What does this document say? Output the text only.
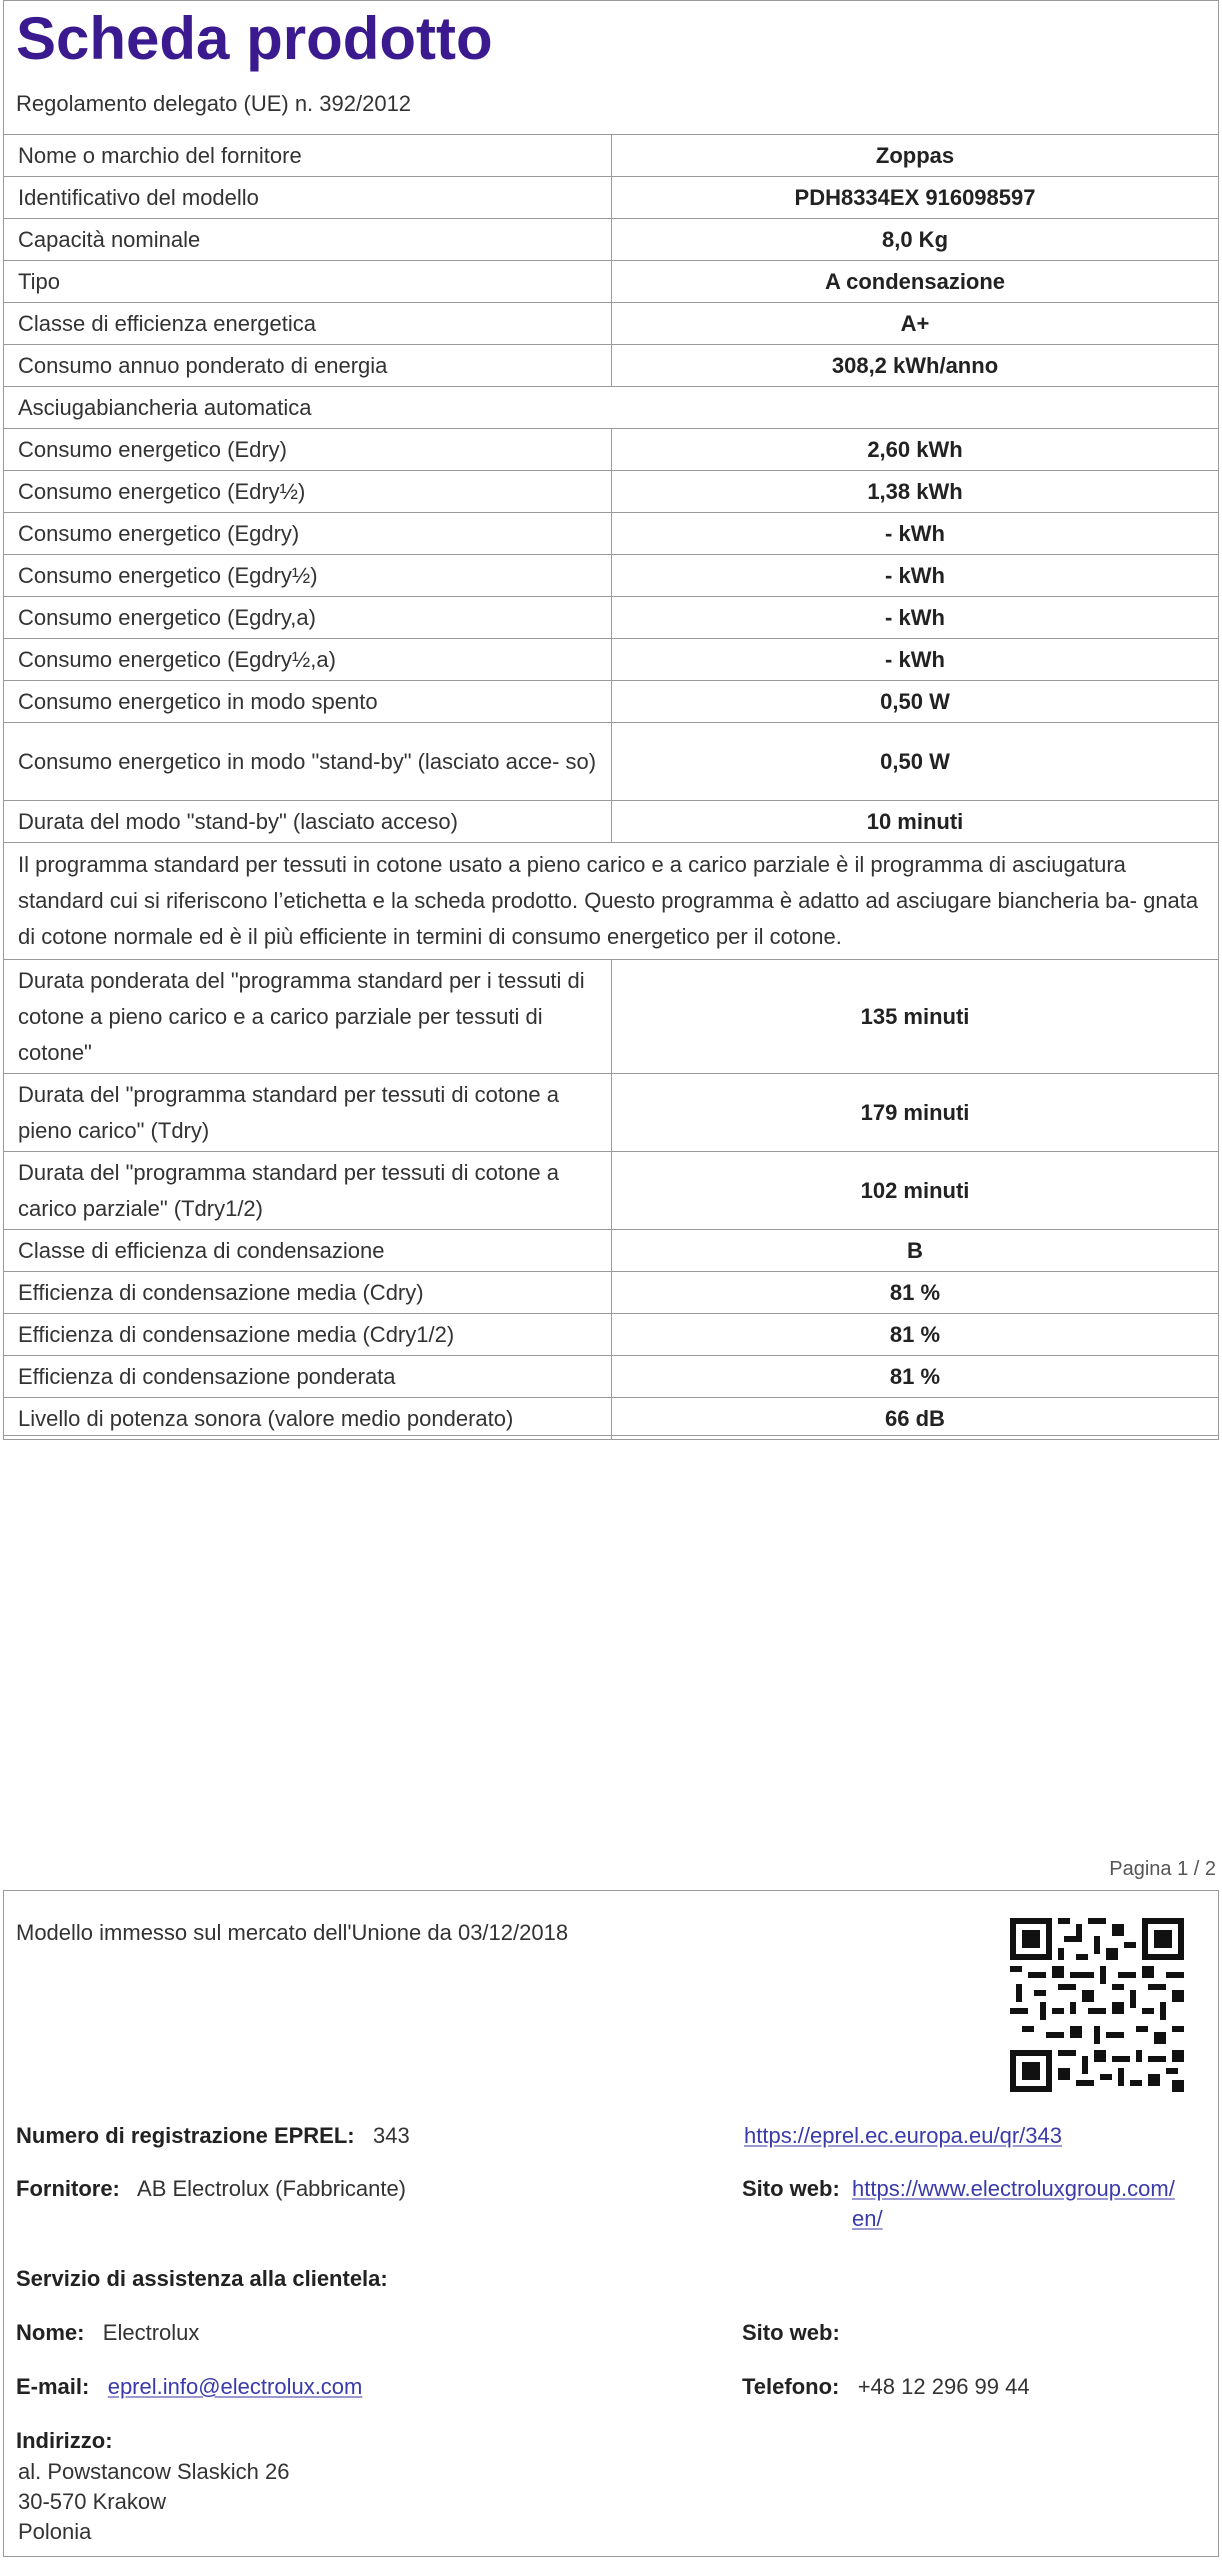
Scheda prodotto
Regolamento delegato (UE) n. 392/2012
Nome o marchio del fornitore	Zoppas
Identificativo del modello	PDH8334EX 916098597
Capacità nominale	8,0 Kg
Tipo	A condensazione
Classe di efficienza energetica	A+
Consumo annuo ponderato di energia	308,2 kWh/anno
Asciugabiancheria automatica	
Consumo energetico (Edry)	2,60 kWh
Consumo energetico (Edry½)	1,38 kWh
Consumo energetico (Egdry)	- kWh
Consumo energetico (Egdry½)	- kWh
Consumo energetico (Egdry,a)	- kWh
Consumo energetico (Egdry½,a)	- kWh
Consumo energetico in modo spento	0,50 W
Consumo energetico in modo "stand-by" (lasciato acce- so)	0,50 W
Durata del modo "stand-by" (lasciato acceso)	10 minuti
Il programma standard per tessuti in cotone usato a pieno carico e a carico parziale è il programma di asciugatura standard cui si riferiscono l’etichetta e la scheda prodotto. Questo programma è adatto ad asciugare biancheria ba- gnata di cotone normale ed è il più efficiente in termini di consumo energetico per il cotone.	
Durata ponderata del "programma standard per i tessuti di cotone a pieno carico e a carico parziale per tessuti di cotone"	135 minuti
Durata del "programma standard per tessuti di cotone a pieno carico" (Tdry)	179 minuti
Durata del "programma standard per tessuti di cotone a carico parziale" (Tdry1/2)	102 minuti
Classe di efficienza di condensazione	B
Efficienza di condensazione media (Cdry)	81 %
Efficienza di condensazione media (Cdry1/2)	81 %
Efficienza di condensazione ponderata	81 %
Livello di potenza sonora (valore medio ponderato)	66 dB
Pagina 1 / 2
Modello immesso sul mercato dell'Unione da 03/12/2018
Numero di registrazione EPREL: 343	https://eprel.ec.europa.eu/qr/343
Fornitore: AB Electrolux (Fabbricante)	Sito web: https://www.electroluxgroup.com/
en/
Servizio di assistenza alla clientela:
Nome: Electrolux	Sito web:
E-mail: eprel.info@electrolux.com	Telefono: +48 12 296 99 44
Indirizzo:
al. Powstancow Slaskich 26
30-570 Krakow
Polonia
